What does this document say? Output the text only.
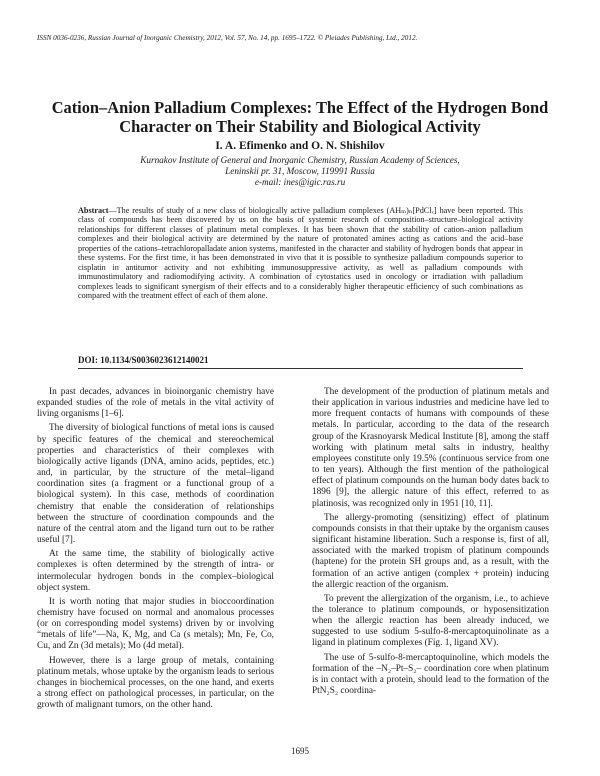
ISSN 0036-0236, Russian Journal of Inorganic Chemistry, 2012, Vol. 57, No. 14, pp. 1695–1722. © Pleiades Publishing, Ltd., 2012.
Cation–Anion Palladium Complexes: The Effect of the Hydrogen Bond Character on Their Stability and Biological Activity
I. A. Efimenko and O. N. Shishilov
Kurnakov Institute of General and Inorganic Chemistry, Russian Academy of Sciences,
Leninskii pr. 31, Moscow, 119991 Russia
e-mail: ines@igic.ras.ru
Abstract—The results of study of a new class of biologically active palladium complexes (AHₘ)ₙ[PdClₓ] have been reported. This class of compounds has been discovered by us on the basis of systemic research of composition–structure–biological activity relationships for different classes of platinum metal complexes. It has been shown that the stability of cation–anion palladium complexes and their biological activity are determined by the nature of protonated amines acting as cations and the acid–base properties of the cations–tetrachloropalladate anion systems, manifested in the character and stability of hydrogen bonds that appear in these systems. For the first time, it has been demonstrated in vivo that it is possible to synthesize palladium compounds superior to cisplatin in antitumor activity and not exhibiting immunosuppressive activity, as well as palladium compounds with immunostimulatory and radiomodifying activity. A combination of cytostatics used in oncology or irradiation with palladium complexes leads to significant synergism of their effects and to a considerably higher therapeutic efficiency of such combinations as compared with the treatment effect of each of them alone.
DOI: 10.1134/S0036023612140021

In past decades, advances in bioinorganic chemistry have expanded studies of the role of metals in the vital activity of living organisms [1–6].

The diversity of biological functions of metal ions is caused by specific features of the chemical and stereochemical properties and characteristics of their complexes with biologically active ligands (DNA, amino acids, peptides, etc.) and, in particular, by the structure of the metal–ligand coordination sites (a fragment or a functional group of a biological system). In this case, methods of coordination chemistry that enable the consideration of relationships between the structure of coordination compounds and the nature of the central atom and the ligand turn out to be rather useful [7].

At the same time, the stability of biologically active complexes is often determined by the strength of intra- or intermolecular hydrogen bonds in the complex–biological object system.

It is worth noting that major studies in bioccoordination chemistry have focused on normal and anomalous processes (or on corresponding model systems) driven by or involving “metals of life”—Na, K, Mg, and Ca (s metals); Mn, Fe, Co, Cu, and Zn (3d metals); Mo (4d metal).

However, there is a large group of metals, containing platinum metals, whose uptake by the organism leads to serious changes in biochemical processes, on the one hand, and exerts a strong effect on pathological processes, in particular, on the growth of malignant tumors, on the other hand.

The development of the production of platinum metals and their application in various industries and medicine have led to more frequent contacts of humans with compounds of these metals. In particular, according to the data of the research group of the Krasnoyarsk Medical Institute [8], among the staff working with platinum metal salts in industry, healthy employees constitute only 19.5% (continuous service from one to ten years). Although the first mention of the pathological effect of platinum compounds on the human body dates back to 1896 [9], the allergic nature of this effect, referred to as platinosis, was recognized only in 1951 [10, 11].

The allergy-promoting (sensitizing) effect of platinum compounds consists in that their uptake by the organism causes significant histamine liberation. Such a response is, first of all, associated with the marked tropism of platinum compounds (haptene) for the protein SH groups and, as a result, with the formation of an active antigen (complex + protein) inducing the allergic reaction of the organism.

To prevent the allergization of the organism, i.e., to achieve the tolerance to platinum compounds, or hyposensitization when the allergic reaction has been already induced, we suggested to use sodium 5-sulfo-8-mercaptoquinolinate as a ligand in platinum complexes (Fig. 1, ligand XV).

The use of 5-sulfo-8-mercaptoquinoline, which models the formation of the –N₂–Pt–S₂– coordination core when platinum is in contact with a protein, should lead to the formation of the PtN₂S₂ coordina-

1695
